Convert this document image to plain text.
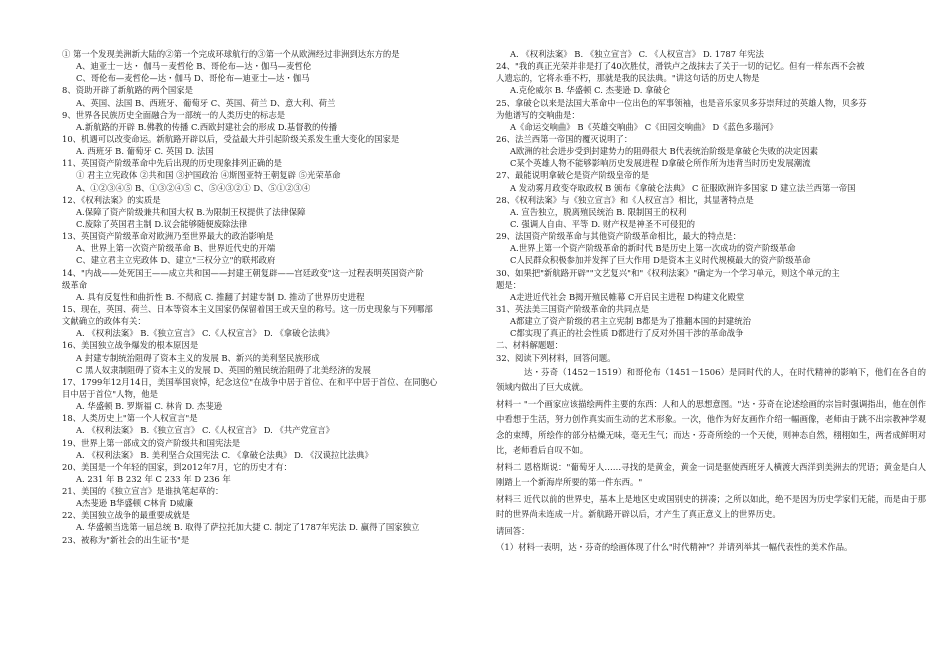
① 第一个发现美洲新大陆的②第一个完成环球航行的③第一个从欧洲经过非洲到达东方的是
A、迪亚士－达・ 伽马－麦哲伦 B、哥伦布—达・伽马—麦哲伦
C、哥伦布—麦哲伦—达・伽马 D、哥伦布—迪亚士—达・伽马
8、资助开辟了新航路的两个国家是
A、英国、法国 B、西班牙、葡萄牙 C、英国、荷兰 D、意大利、荷兰
9、世界各民族历史全面融合为一部统一的人类历史的标志是
A.新航路的开辟 B.佛教的传播 C.西欧封建社会的形成 D.基督教的传播
10、机遇可以改变命运。新航路开辟以后，受益最大并引起阶级关系发生重大变化的国家是
A. 西班牙 B. 葡萄牙 C. 英国 D. 法国
11、英国资产阶级革命中先后出现的历史现象排列正确的是
① 君主立宪政体 ②共和国 ③护国政治 ④斯图亚特王朝复辟 ⑤光荣革命
A、①②③④⑤ B、①③②④⑤ C、⑤④③②① D、⑤①②③④
12、《权利法案》的实质是
A.保障了资产阶级兼共和国大权 B.为限制王权提供了法律保障
C.废除了英国君主制 D.议会能够随便废除法律
13、英国资产阶级革命对欧洲乃至世界最大的政治影响是
A、世界上第一次资产阶级革命 B、世界近代史的开端
C、建立君主立宪政体 D、建立"三权分立"的联邦政府
14、"内战——处死国王——成立共和国——封建王朝复辟——宫廷政变"这一过程表明英国资产阶
级革命
A. 具有反复性和曲折性 B. 不彻底 C. 推翻了封建专制 D. 推动了世界历史进程
15、现在，英国、荷兰、日本等资本主义国家仍保留着国王或天皇的称号。这一历史现象与下列哪部
文献确立的政体有关：
A. 《权利法案》 B.《独立宣言》 C.《人权宣言》 D. 《拿破仑法典》
16、美国独立战争爆发的根本原因是
A 封建专制统治阻碍了资本主义的发展 B、新兴的美利坚民族形成
C 黑人奴隶制阻碍了资本主义的发展 D、英国的殖民统治阻碍了北美经济的发展
17、1799年12月14日，美国举国哀悼，纪念这位"在战争中居于首位、在和平中居于首位、在同胞心
目中居于首位"人物，他是
A. 华盛顿 B. 罗斯福 C. 林肯 D. 杰斐逊
18、人类历史上"第一个人权宣言"是
A. 《权利法案》 B.《独立宣言》 C.《人权宣言》 D. 《共产党宣言》
19、世界上第一部成文的资产阶级共和国宪法是
A. 《权利法案》 B. 美利坚合众国宪法 C. 《拿破仑法典》 D. 《汉谟拉比法典》
20、美国是一个年轻的国家，到2012年7月，它的历史才有：
A. 231 年 B 232 年 C 233 年 D 236 年
21、美国的《独立宣言》是谁执笔起草的：
A杰斐逊 B华盛顿 C林肯 D威廉
22、美国独立战争的最重要成就是
A. 华盛顿当选第一届总统 B. 取得了萨拉托加大捷 C. 制定了1787年宪法 D. 赢得了国家独立
23、被称为"新社会的出生证书"是
A. 《权利法案》 B. 《独立宣言》 C. 《人权宣言》 D. 1787 年宪法
24、"我的真正光荣并非是打了40次胜仗，滑铁卢之战抹去了关于一切的记忆。但有一样东西不会被
人遗忘的，它将永垂不朽，那就是我的民法典。"讲这句话的历史人物是
A.克伦威尔 B. 华盛顿 C. 杰斐逊 D. 拿破仑
25、拿破仑以来是法国大革命中一位出色的军事领袖，也是音乐家贝多芬崇拜过的英雄人物，贝多芬
为他谱写的交响曲是：
A《命运交响曲》 B《英雄交响曲》 C《田园交响曲》 D《蓝色多瑙河》
26、法兰西第一帝国的覆灭说明了：
A欧洲的社会进步受到封建势力的阻碍很大 B代表统治阶级是拿破仑失败的决定因素
C某个英雄人物不能够影响历史发展进程 D拿破仑所作所为违背当时历史发展潮流
27、最能说明拿破仑是资产阶级皇帝的是
A 发动雾月政变夺取政权 B 颁布《拿破仑法典》 C 征服欧洲许多国家 D 建立法兰西第一帝国
28、《权利法案》与《独立宣言》和《人权宣言》相比，其显著特点是
A. 宣告独立，脱离殖民统治 B. 限制国王的权利
C. 强调人自由、平等 D. 财产权是神圣不可侵犯的
29、法国资产阶级革命与其他资产阶级革命相比，最大的特点是：
A.世界上第一个资产阶级革命的新时代 B是历史上第一次成功的资产阶级革命
C人民群众积极参加并发挥了巨大作用 D是资本主义时代规模最大的资产阶级革命
30、如果把"新航路开辟""文艺复兴"和"《权利法案》"确定为一个学习单元，则这个单元的主
题是：
A走进近代社会 B揭开殖民帷幕 C开启民主进程 D构建文化殿堂
31、英法美三国资产阶级革命的共同点是
A都建立了资产阶级的君主立宪制 B都是为了推翻本国的封建统治
C都实现了真正的社会性质 D都进行了反对外国干涉的革命战争
二、材料解题题：
32、阅读下列材料，回答问题。
达・芬奇（1452－1519）和哥伦布（1451－1506）是同时代的人，在时代精神的影响下，他们在各自的领域内做出了巨大成就。
材料一 "一个画家应该描绘两件主要的东西：人和人的思想意图。"达・芬奇在论述绘画的宗旨时强调指出，他在创作中看想于生活，努力创作真实而生动的艺术形象。一次，他作为好友画作介绍一幅画像，老师由于跳不出宗教神学观念的束缚，所绘作的部分枯燥无味，毫无生气；而达・芬奇所绘的一个天使，则神态自然，栩栩如生，两者成鲜明对比，老师看后自叹不如。
材料二 恩格斯说："葡萄牙人……寻找的是黄金，黄金一词是驱使西班牙人横渡大西洋到美洲去的咒语；黄金是白人刚踏上一个新海岸所要的第一件东西。"
材料三 近代以前的世界史，基本上是地区史或国别史的拼凑；之所以如此，绝不是因为历史学家们无能，而是由于那时的世界尚未连成一片。新航路开辟以后，才产生了真正意义上的世界历史。
请回答：
（1）材料一表明，达・芬奇的绘画体现了什么"时代精神"？并请列举其一幅代表性的美术作品。
